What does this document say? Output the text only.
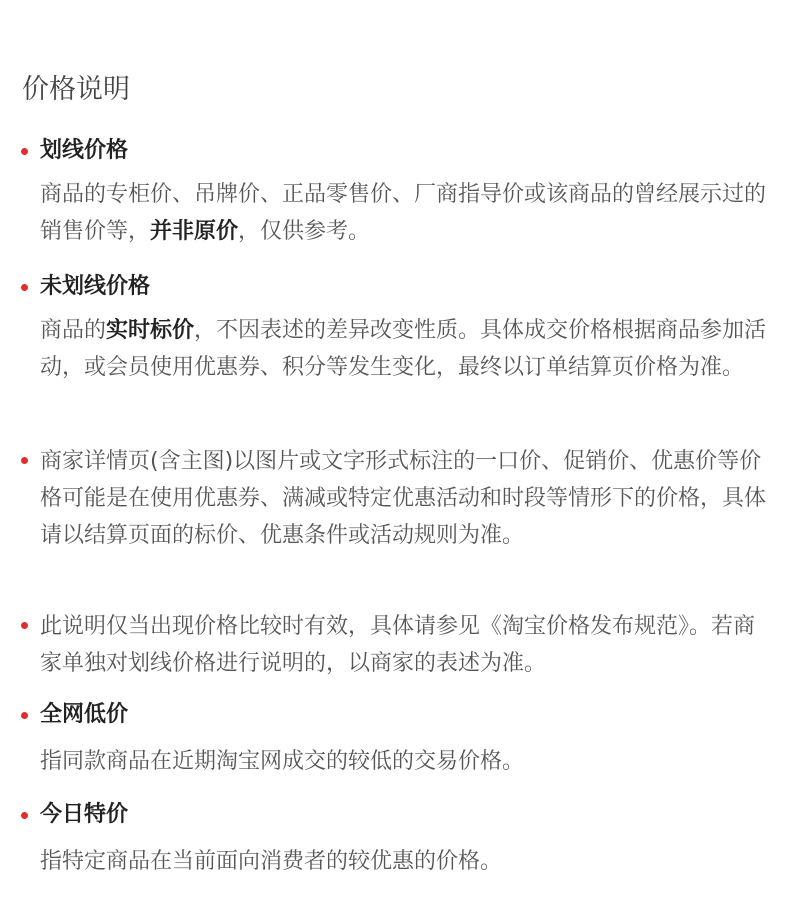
价格说明
划线价格
商品的专柜价、吊牌价、正品零售价、厂商指导价或该商品的曾经展示过的销售价等，并非原价，仅供参考。
未划线价格
商品的实时标价，不因表述的差异改变性质。具体成交价格根据商品参加活动，或会员使用优惠券、积分等发生变化，最终以订单结算页价格为准。
商家详情页(含主图)以图片或文字形式标注的一口价、促销价、优惠价等价格可能是在使用优惠券、满减或特定优惠活动和时段等情形下的价格，具体请以结算页面的标价、优惠条件或活动规则为准。
此说明仅当出现价格比较时有效，具体请参见《淘宝价格发布规范》。若商家单独对划线价格进行说明的，以商家的表述为准。
全网低价
指同款商品在近期淘宝网成交的较低的交易价格。
今日特价
指特定商品在当前面向消费者的较优惠的价格。
